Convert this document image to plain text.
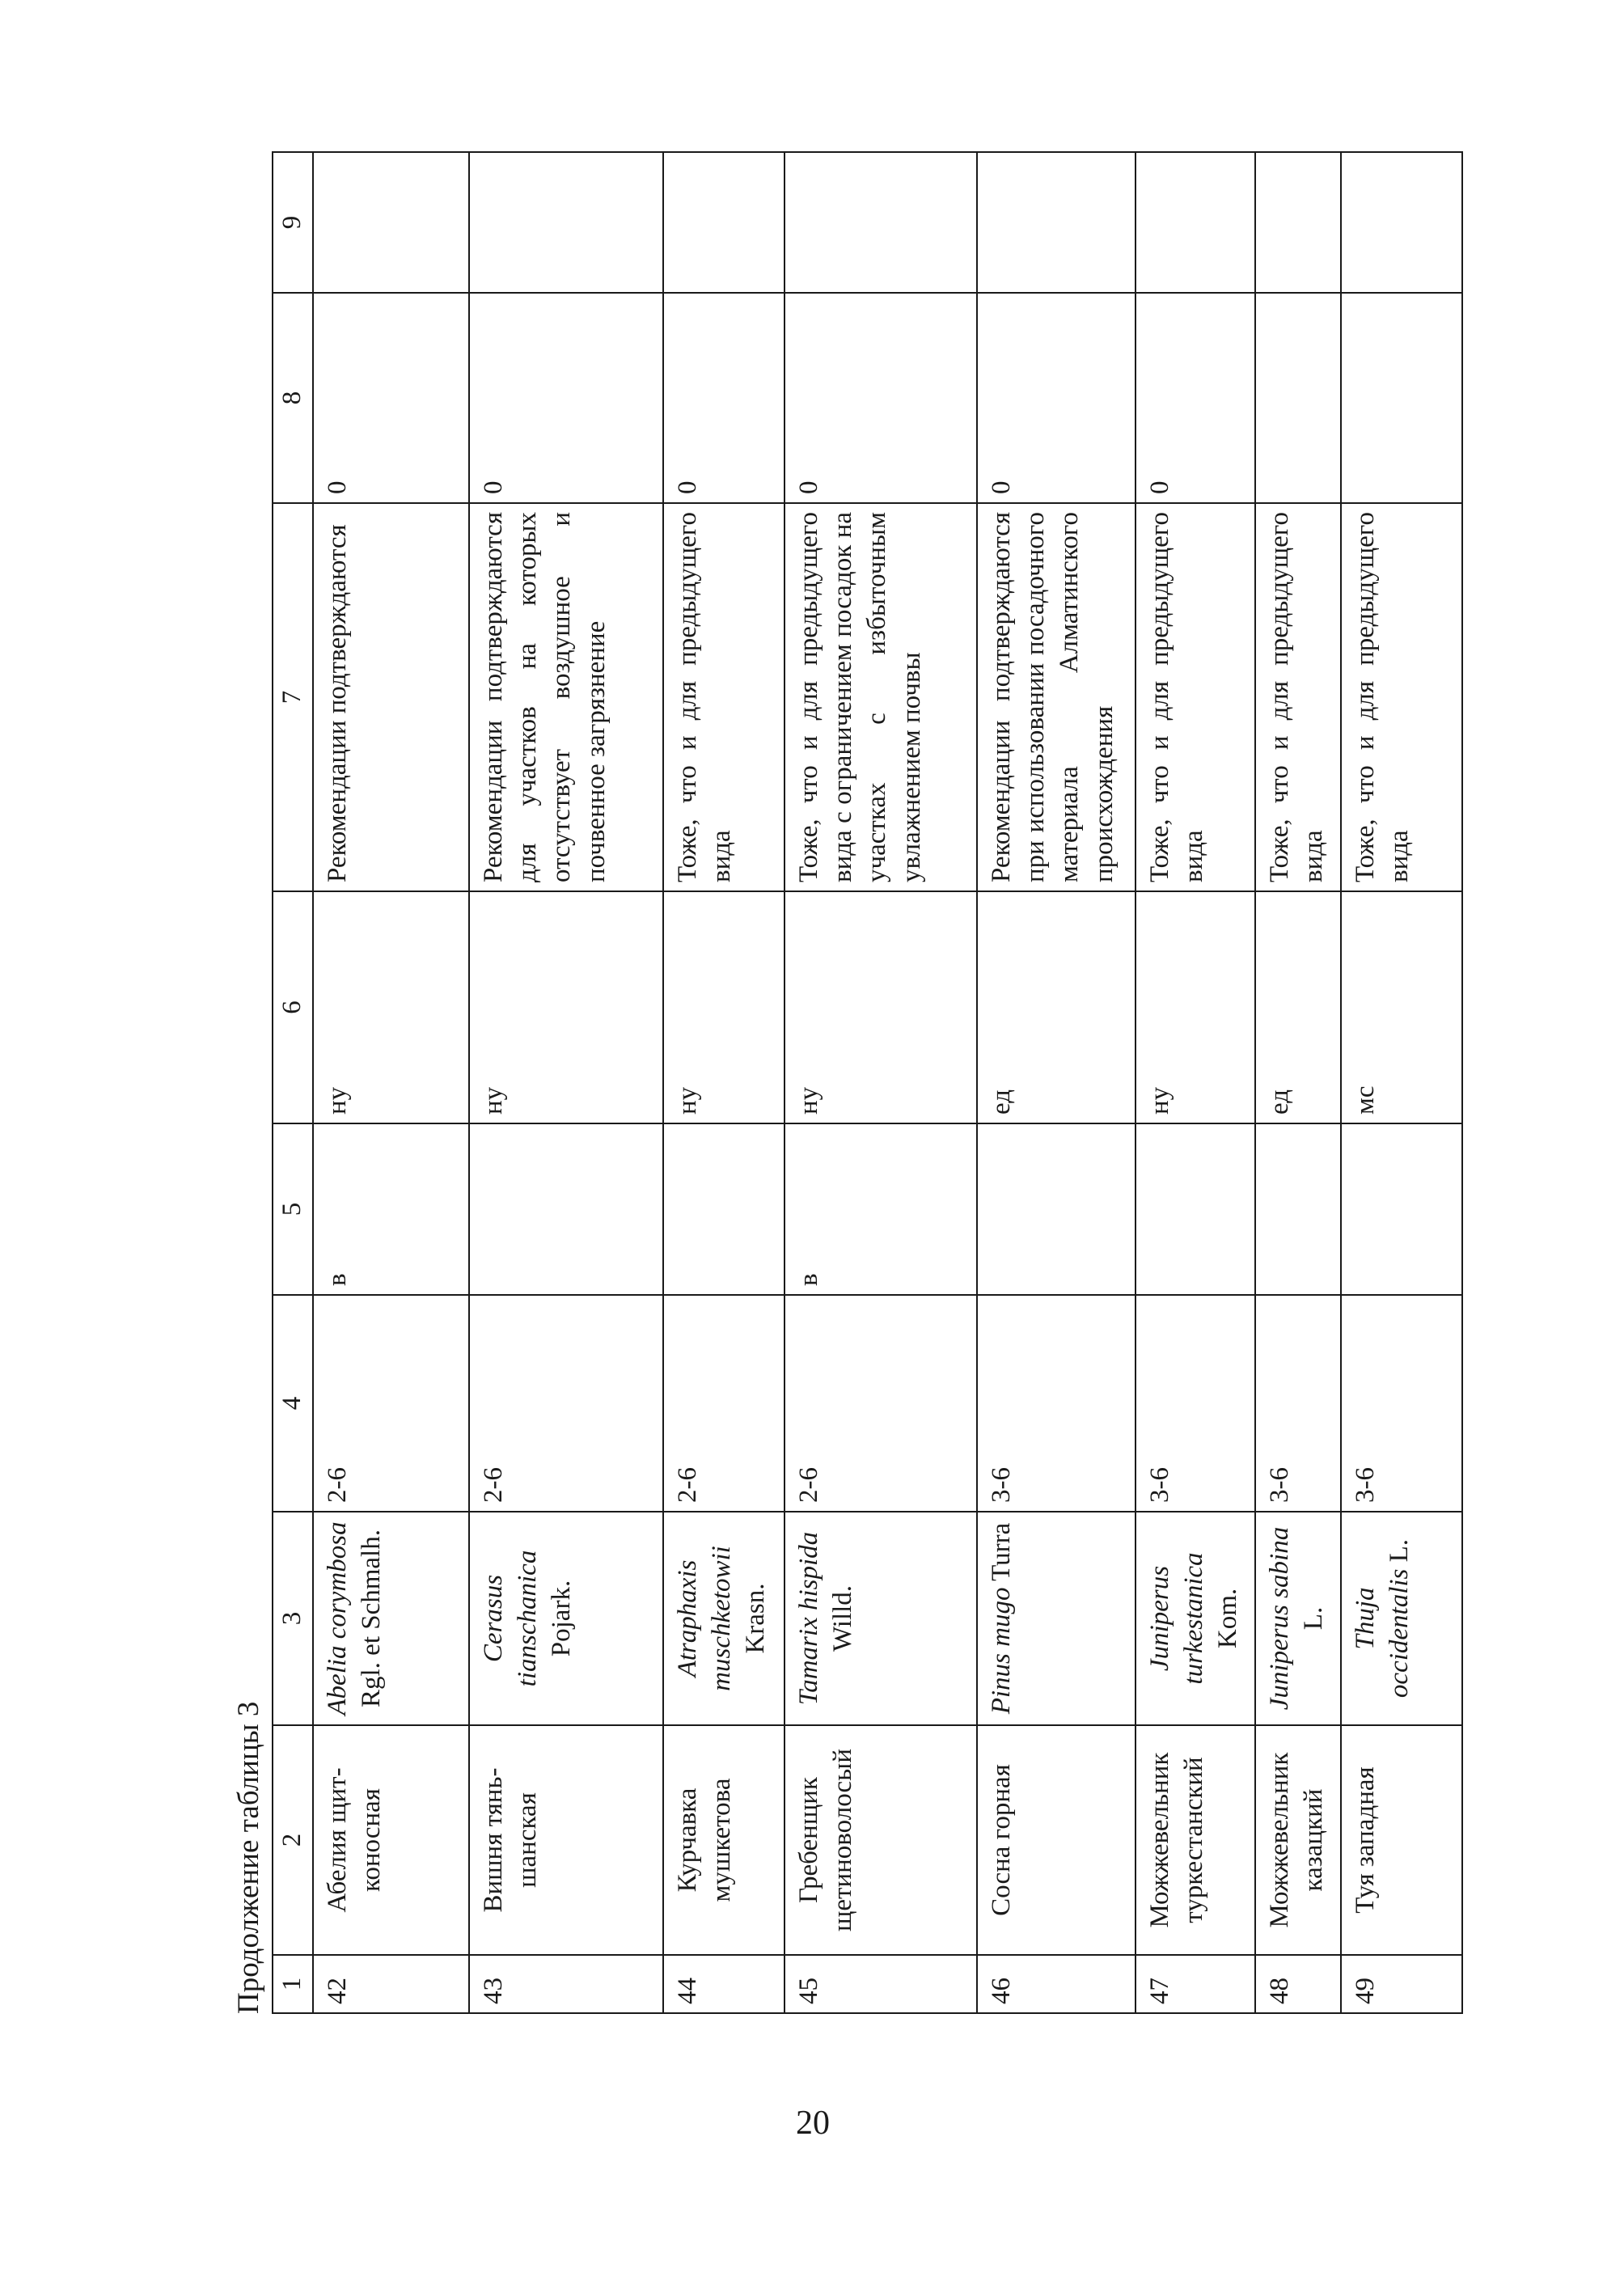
Продолжение таблицы 3 1	2	3	4	5	6	7	8	9
42	Абелия щит-коносная	Abelia corymbosa Rgl. et Schmalh.	2-6	в	ну	Рекомендации подтверждаются	0	
43	Вишня тянь-шанская	Cerasus tianschanica Pojark.	2-6		ну	Рекомендации подтверждаются для участков на которых отсутствует воздушное и почвенное загрязнение	0	
44	Курчавка мушкетова	Atraphaxis muschketowii Krasn.	2-6		ну	Тоже, что и для предыдущего вида	0	
45	Гребенщик щетиноволосый	Tamarix hispida Willd.	2-6	в	ну	Тоже, что и для предыдущего вида с ограничением посадок на участках с избыточным увлажнением почвы	0	
46	Сосна горная	Pinus mugo Turra	3-6		ед	Рекомендации подтверждаются при использовании посадочного материала Алматинского происхождения	0	
47	Можжевельник туркестанский	Juniperus turkestanica Kom.	3-6		ну	Тоже, что и для предыдущего вида	0	
48	Можжевельник казацкий	Juniperus sabina L.	3-6		ед	Тоже, что и для предыдущего вида		
49	Туя западная	Thuja occidentalis L.	3-6		мс	Тоже, что и для предыдущего вида		
20
